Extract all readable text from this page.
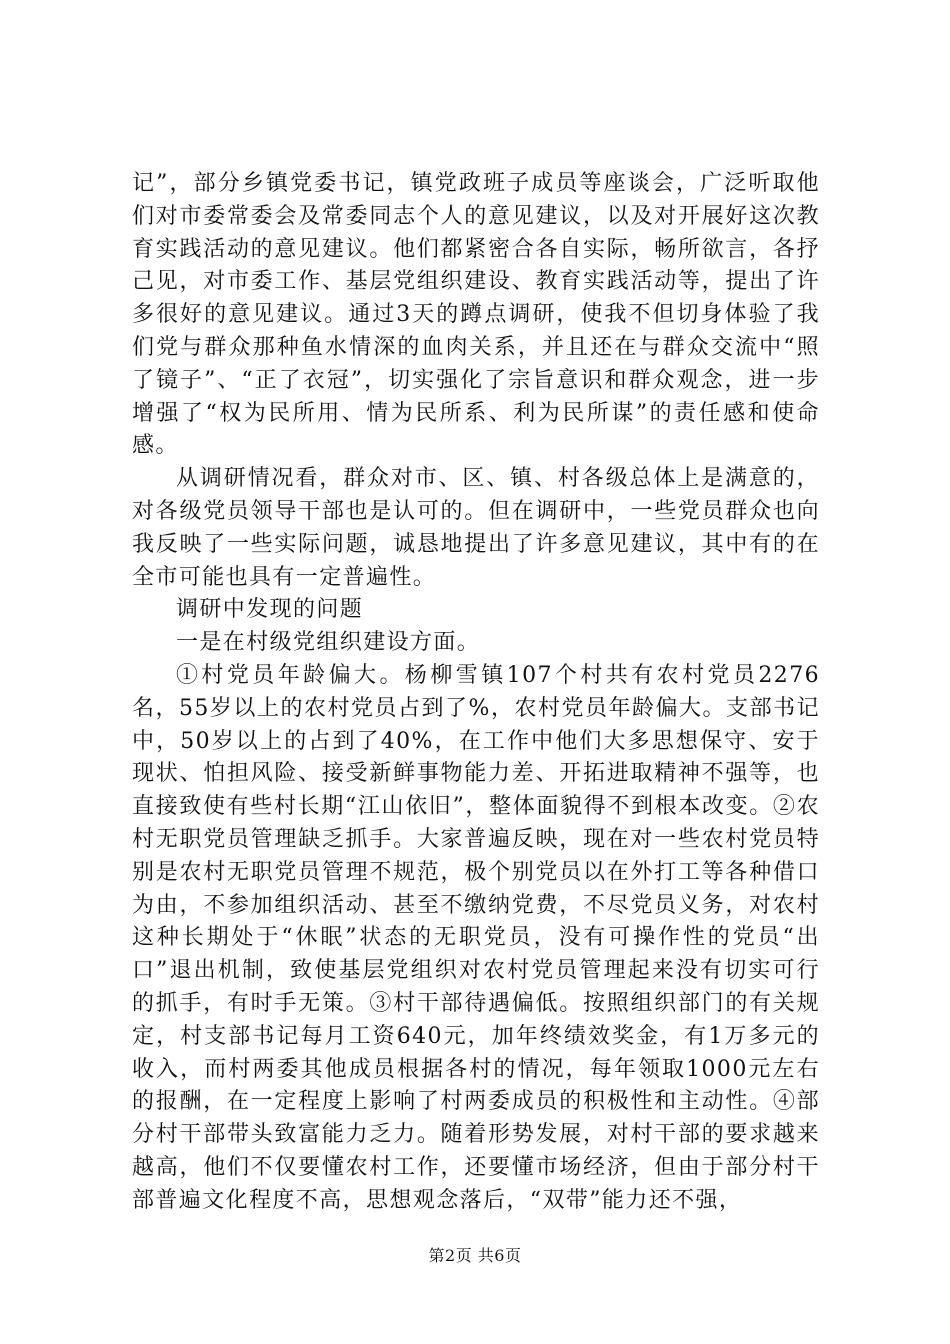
记”，部分乡镇党委书记，镇党政班子成员等座谈会，广泛听取他们对市委常委会及常委同志个人的意见建议，以及对开展好这次教育实践活动的意见建议。他们都紧密合各自实际，畅所欲言，各抒己见，对市委工作、基层党组织建设、教育实践活动等，提出了许多很好的意见建议。通过3天的蹲点调研，使我不但切身体验了我们党与群众那种鱼水情深的血肉关系，并且还在与群众交流中“照了镜子”、“正了衣冠”，切实强化了宗旨意识和群众观念，进一步增强了“权为民所用、情为民所系、利为民所谋”的责任感和使命感。

从调研情况看，群众对市、区、镇、村各级总体上是满意的，对各级党员领导干部也是认可的。但在调研中，一些党员群众也向我反映了一些实际问题，诚恳地提出了许多意见建议，其中有的在全市可能也具有一定普遍性。

调研中发现的问题

一是在村级党组织建设方面。

①村党员年龄偏大。杨柳雪镇107个村共有农村党员2276名，55岁以上的农村党员占到了%，农村党员年龄偏大。支部书记中，50岁以上的占到了40%，在工作中他们大多思想保守、安于现状、怕担风险、接受新鲜事物能力差、开拓进取精神不强等，也直接致使有些村长期“江山依旧”，整体面貌得不到根本改变。②农村无职党员管理缺乏抓手。大家普遍反映，现在对一些农村党员特别是农村无职党员管理不规范，极个别党员以在外打工等各种借口为由，不参加组织活动、甚至不缴纳党费，不尽党员义务，对农村这种长期处于“休眠”状态的无职党员，没有可操作性的党员“出口”退出机制，致使基层党组织对农村党员管理起来没有切实可行的抓手，有时手无策。③村干部待遇偏低。按照组织部门的有关规定，村支部书记每月工资640元，加年终绩效奖金，有1万多元的收入，而村两委其他成员根据各村的情况，每年领取1000元左右的报酬，在一定程度上影响了村两委成员的积极性和主动性。④部分村干部带头致富能力乏力。随着形势发展，对村干部的要求越来越高，他们不仅要懂农村工作，还要懂市场经济，但由于部分村干部普遍文化程度不高，思想观念落后，“双带”能力还不强，

第2页 共6页
